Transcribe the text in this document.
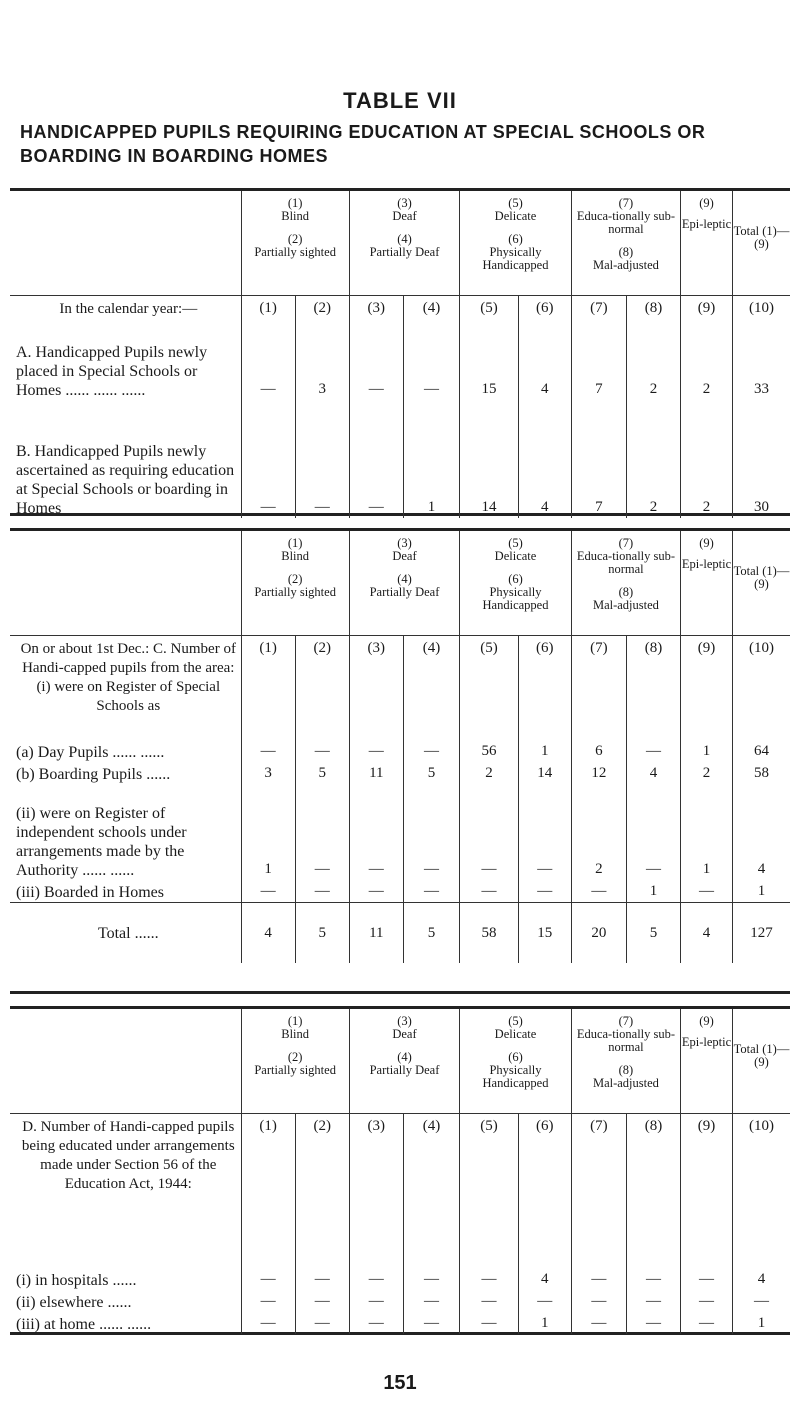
TABLE VII
HANDICAPPED PUPILS REQUIRING EDUCATION AT SPECIAL SCHOOLS OR BOARDING IN BOARDING HOMES

(1)
Blind
(2)
Partially sighted

(3)
Deaf
(4)
Partially Deaf

(5)
Delicate
(6)
Physically Handicapped

(7)
Educa-tionally sub-normal
(8)
Mal-adjusted

(9)
Epi-leptic	Total (1)— (9)
In the calendar year:—	(1)	(2)	(3)	(4)	(5)	(6)	(7)	(8)	(9)	(10)
A. Handicapped Pupils newly placed in Special Schools or Homes ...... ...... ......	—	3	—	—	15	4	7	2	2	33
B. Handicapped Pupils newly ascertained as requiring education at Special Schools or boarding in Homes	—	—	—	1	14	4	7	2	2	30

(1)
Blind
(2)
Partially sighted

(3)
Deaf
(4)
Partially Deaf

(5)
Delicate
(6)
Physically Handicapped

(7)
Educa-tionally sub-normal
(8)
Mal-adjusted

(9)
Epi-leptic	Total (1)— (9)
On or about 1st Dec.: C. Number of Handi-capped pupils from the area: (i) were on Register of Special Schools as	(1)	(2)	(3)	(4)	(5)	(6)	(7)	(8)	(9)	(10)
(a) Day Pupils ...... ......	—	—	—	—	56	1	6	—	1	64
(b) Boarding Pupils ......	3	5	11	5	2	14	12	4	2	58
(ii) were on Register of independent schools under arrangements made by the Authority ...... ......	1	—	—	—	—	—	2	—	1	4
(iii) Boarded in Homes	—	—	—	—	—	—	—	1	—	1
Total ......	4	5	11	5	58	15	20	5	4	127

(1)
Blind
(2)
Partially sighted

(3)
Deaf
(4)
Partially Deaf

(5)
Delicate
(6)
Physically Handicapped

(7)
Educa-tionally sub-normal
(8)
Mal-adjusted

(9)
Epi-leptic	Total (1)— (9)
D. Number of Handi-capped pupils being educated under arrangements made under Section 56 of the Education Act, 1944:	(1)	(2)	(3)	(4)	(5)	(6)	(7)	(8)	(9)	(10)
(i) in hospitals ......	—	—	—	—	—	4	—	—	—	4
(ii) elsewhere ......	—	—	—	—	—	—	—	—	—	—
(iii) at home ...... ......	—	—	—	—	—	1	—	—	—	1
151
